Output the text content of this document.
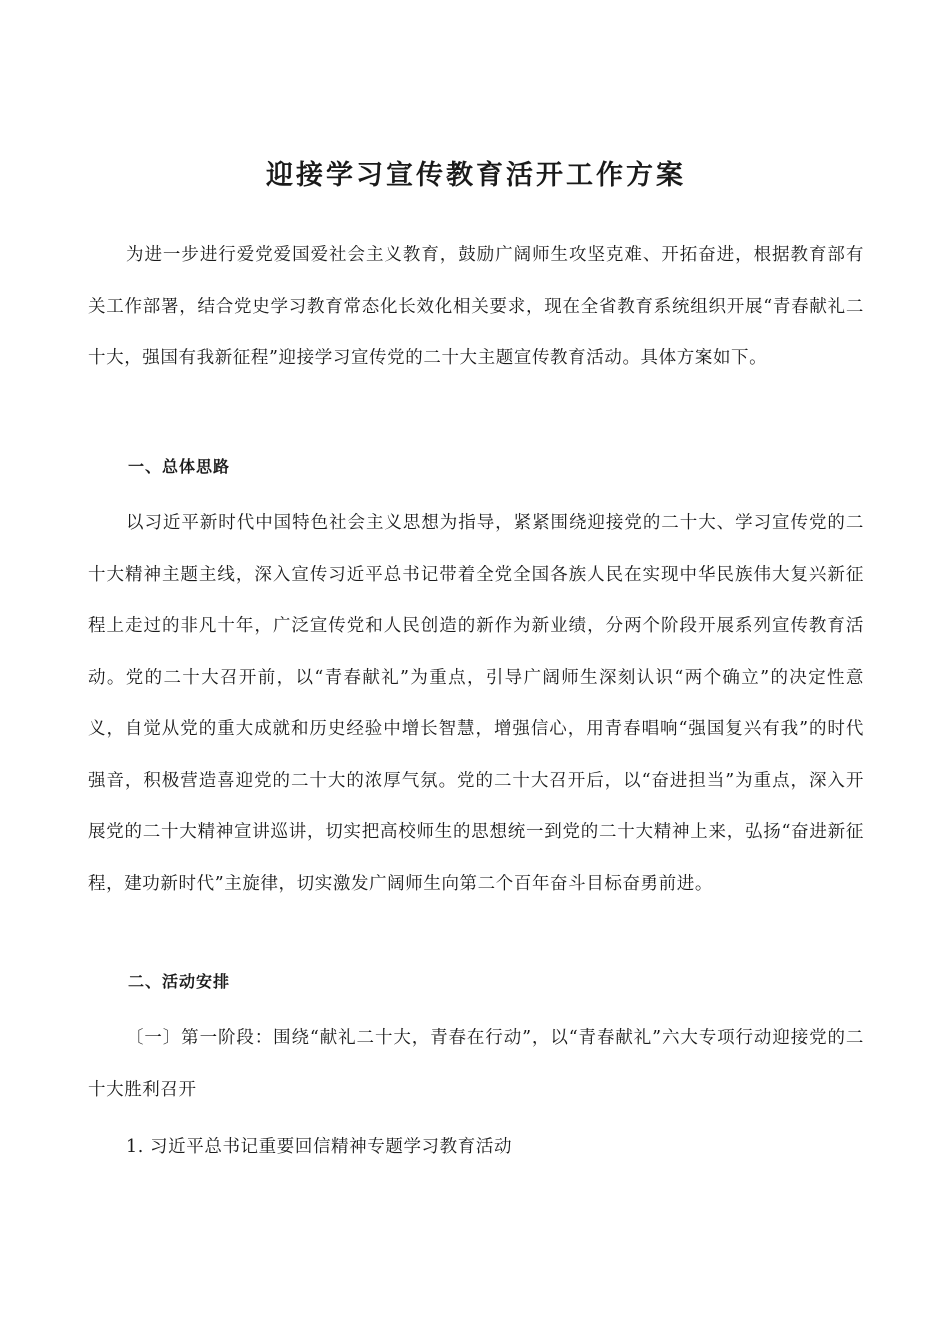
迎接学习宣传教育活开工作方案

为进一步进行爱党爱国爱社会主义教育，鼓励广阔师生攻坚克难、开拓奋进，根据教育部有关工作部署，结合党史学习教育常态化长效化相关要求，现在全省教育系统组织开展“青春献礼二十大，强国有我新征程”迎接学习宣传党的二十大主题宣传教育活动。具体方案如下。

一、总体思路

以习近平新时代中国特色社会主义思想为指导，紧紧围绕迎接党的二十大、学习宣传党的二十大精神主题主线，深入宣传习近平总书记带着全党全国各族人民在实现中华民族伟大复兴新征程上走过的非凡十年，广泛宣传党和人民创造的新作为新业绩，分两个阶段开展系列宣传教育活动。党的二十大召开前，以“青春献礼”为重点，引导广阔师生深刻认识“两个确立”的决定性意义，自觉从党的重大成就和历史经验中增长智慧，增强信心，用青春唱响“强国复兴有我”的时代强音，积极营造喜迎党的二十大的浓厚气氛。党的二十大召开后，以“奋进担当”为重点，深入开展党的二十大精神宣讲巡讲，切实把高校师生的思想统一到党的二十大精神上来，弘扬“奋进新征程，建功新时代”主旋律，切实激发广阔师生向第二个百年奋斗目标奋勇前进。

二、活动安排

〔一〕第一阶段：围绕“献礼二十大，青春在行动”，以“青春献礼”六大专项行动迎接党的二十大胜利召开

1. 习近平总书记重要回信精神专题学习教育活动
